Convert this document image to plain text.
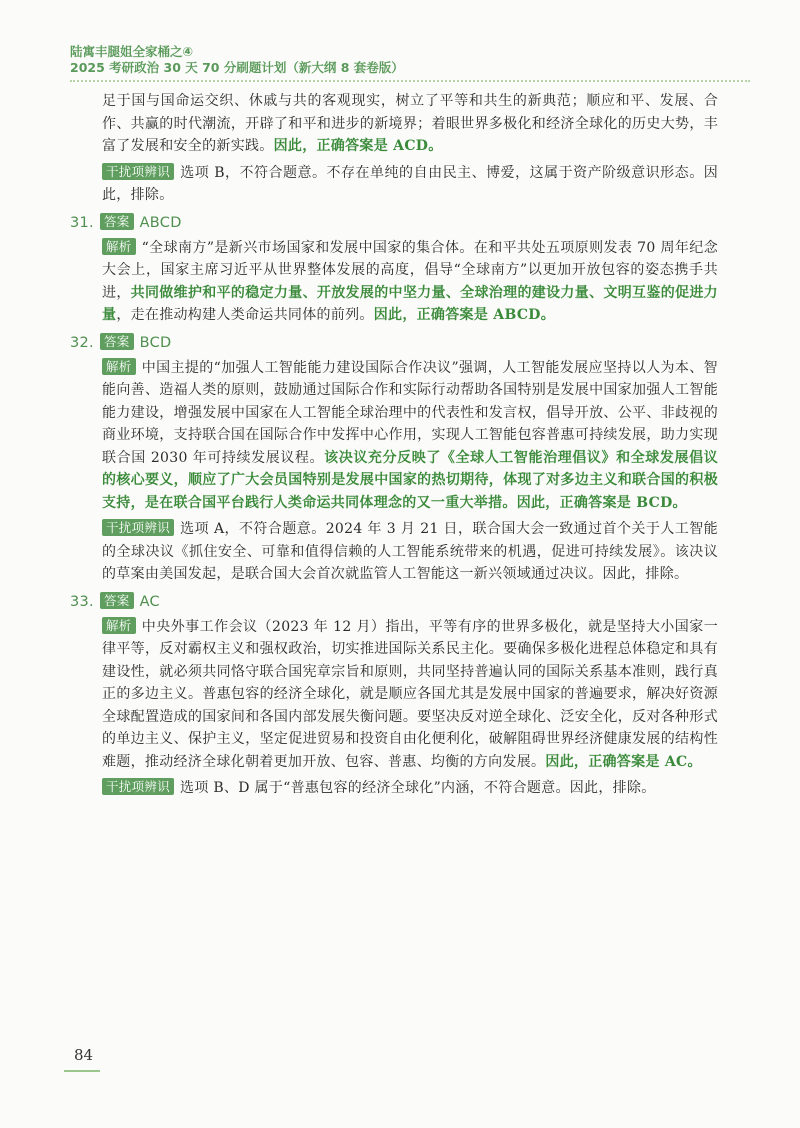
陆寓丰腿姐全家桶之④
2025 考研政治 30 天 70 分刷题计划（新大纲 8 套卷版）

足于国与国命运交织、休戚与共的客观现实，树立了平等和共生的新典范；顺应和平、发展、合作、共赢的时代潮流，开辟了和平和进步的新境界；着眼世界多极化和经济全球化的历史大势，丰富了发展和安全的新实践。因此，正确答案是 ACD。

干扰项辨识 选项 B，不符合题意。不存在单纯的自由民主、博爱，这属于资产阶级意识形态。因此，排除。

31. 答案 ABCD

解析 “全球南方”是新兴市场国家和发展中国家的集合体。在和平共处五项原则发表 70 周年纪念大会上，国家主席习近平从世界整体发展的高度，倡导“全球南方”以更加开放包容的姿态携手共进，共同做维护和平的稳定力量、开放发展的中坚力量、全球治理的建设力量、文明互鉴的促进力量，走在推动构建人类命运共同体的前列。因此，正确答案是 ABCD。

32. 答案 BCD

解析 中国主提的“加强人工智能能力建设国际合作决议”强调，人工智能发展应坚持以人为本、智能向善、造福人类的原则，鼓励通过国际合作和实际行动帮助各国特别是发展中国家加强人工智能能力建设，增强发展中国家在人工智能全球治理中的代表性和发言权，倡导开放、公平、非歧视的商业环境，支持联合国在国际合作中发挥中心作用，实现人工智能包容普惠可持续发展，助力实现联合国 2030 年可持续发展议程。该决议充分反映了《全球人工智能治理倡议》和全球发展倡议的核心要义，顺应了广大会员国特别是发展中国家的热切期待，体现了对多边主义和联合国的积极支持，是在联合国平台践行人类命运共同体理念的又一重大举措。因此，正确答案是 BCD。

干扰项辨识 选项 A，不符合题意。2024 年 3 月 21 日，联合国大会一致通过首个关于人工智能的全球决议《抓住安全、可靠和值得信赖的人工智能系统带来的机遇，促进可持续发展》。该决议的草案由美国发起，是联合国大会首次就监管人工智能这一新兴领域通过决议。因此，排除。

33. 答案 AC

解析 中央外事工作会议（2023 年 12 月）指出，平等有序的世界多极化，就是坚持大小国家一律平等，反对霸权主义和强权政治，切实推进国际关系民主化。要确保多极化进程总体稳定和具有建设性，就必须共同恪守联合国宪章宗旨和原则，共同坚持普遍认同的国际关系基本准则，践行真正的多边主义。普惠包容的经济全球化，就是顺应各国尤其是发展中国家的普遍要求，解决好资源全球配置造成的国家间和各国内部发展失衡问题。要坚决反对逆全球化、泛安全化，反对各种形式的单边主义、保护主义，坚定促进贸易和投资自由化便利化，破解阻碍世界经济健康发展的结构性难题，推动经济全球化朝着更加开放、包容、普惠、均衡的方向发展。因此，正确答案是 AC。

干扰项辨识 选项 B、D 属于“普惠包容的经济全球化”内涵，不符合题意。因此，排除。

84
